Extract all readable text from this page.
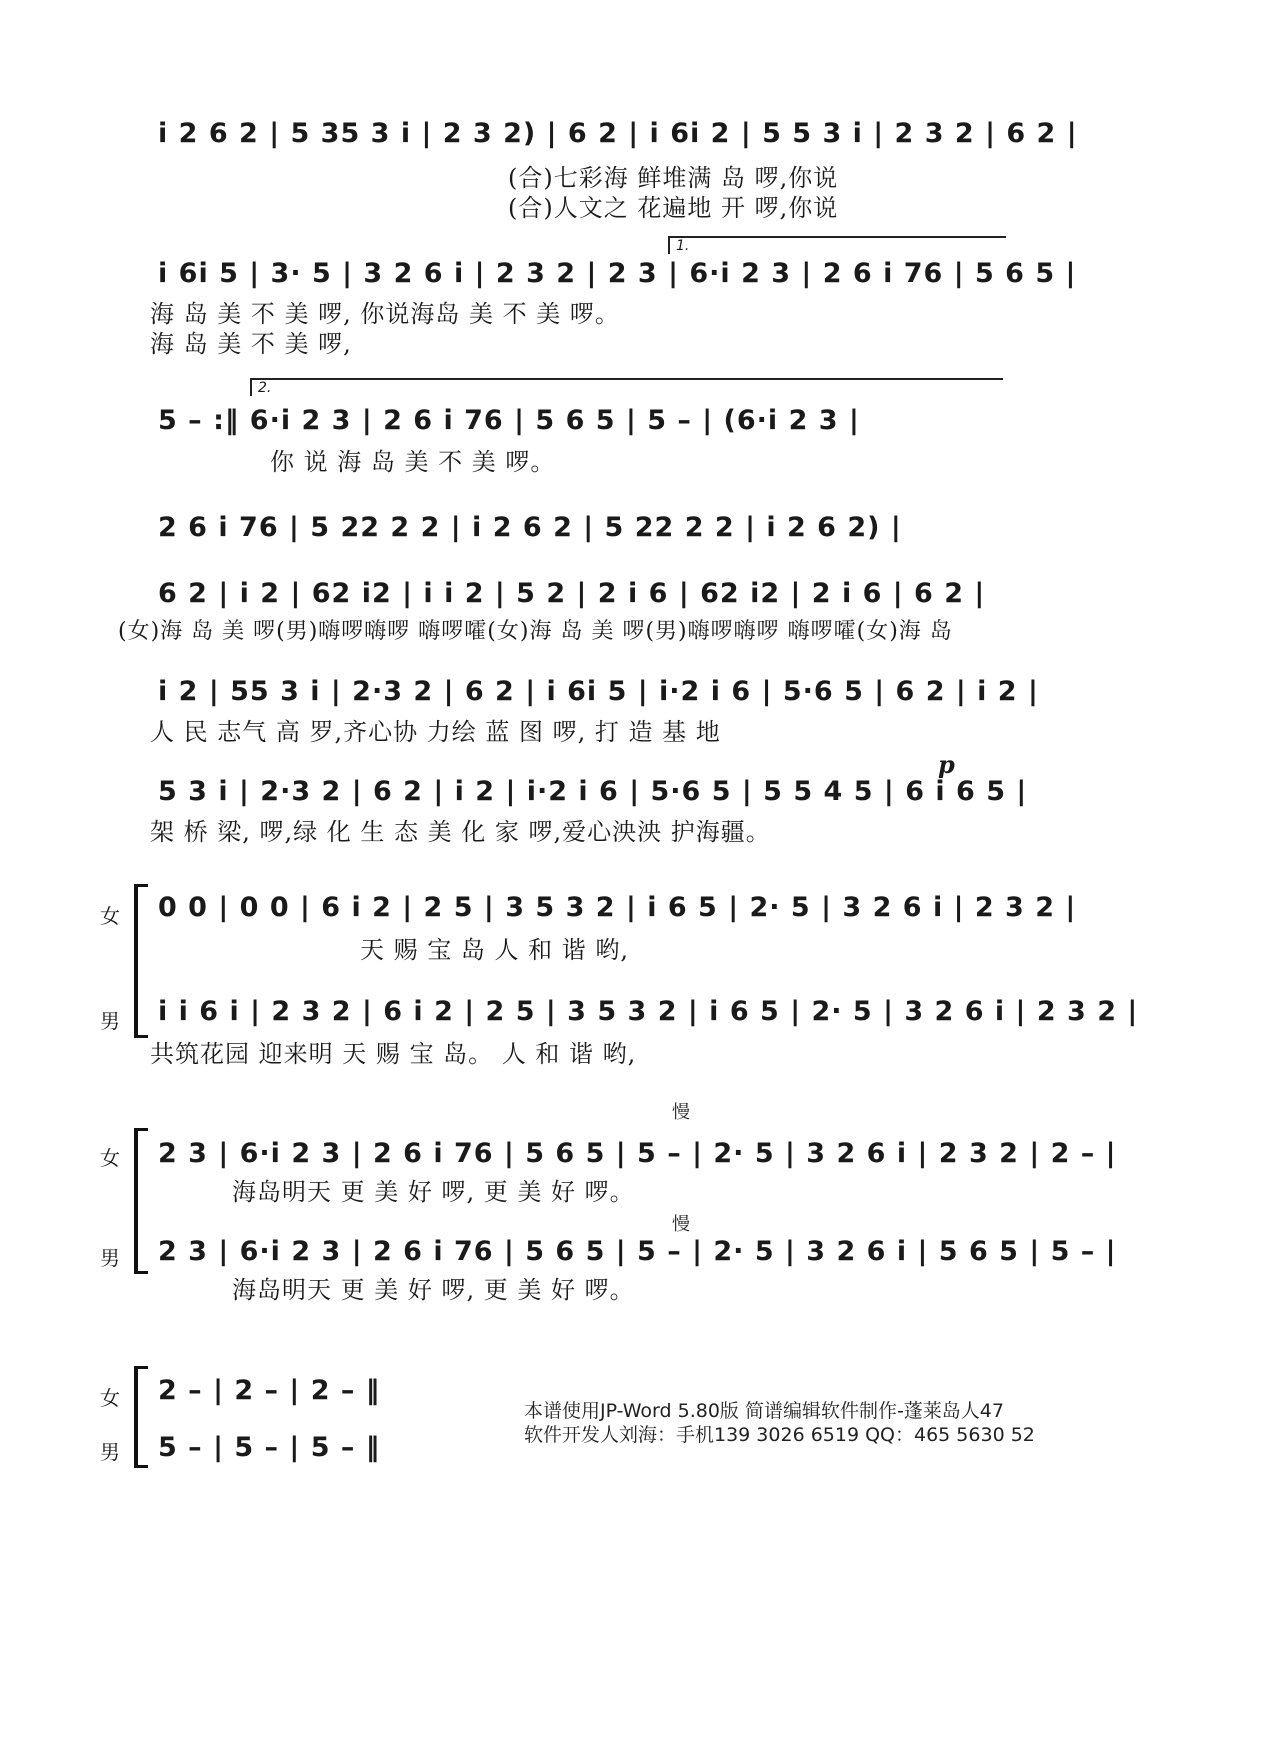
i 2 6 2 | 5 35 3 i | 2 3 2) | 6 2 | i 6i 2 | 5 5 3 i | 2 3 2 | 6 2 |
(合)七彩海 鲜堆满 岛 啰,你说
(合)人文之 花遍地 开 啰,你说
1.
i 6i 5 | 3· 5 | 3 2 6 i | 2 3 2 | 2 3 | 6·i 2 3 | 2 6 i 76 | 5 6 5 |
海 岛 美 不 美 啰, 你说海岛 美 不 美 啰。
海 岛 美 不 美 啰,
2.
5 – :‖ 6·i 2 3 | 2 6 i 76 | 5 6 5 | 5 – | (6·i 2 3 |
你 说 海 岛 美 不 美 啰。
2 6 i 76 | 5 22 2 2 | i 2 6 2 | 5 22 2 2 | i 2 6 2) |
6 2 | i 2 | 62 i2 | i i 2 | 5 2 | 2 i 6 | 62 i2 | 2 i 6 | 6 2 |
(女)海 岛 美 啰(男)嗨啰嗨啰 嗨啰嚯(女)海 岛 美 啰(男)嗨啰嗨啰 嗨啰嚯(女)海 岛
i 2 | 55 3 i | 2·3 2 | 6 2 | i 6i 5 | i·2 i 6 | 5·6 5 | 6 2 | i 2 |
人 民 志气 高 罗,齐心协 力绘 蓝 图 啰, 打 造 基 地
p
5 3 i | 2·3 2 | 6 2 | i 2 | i·2 i 6 | 5·6 5 | 5 5 4 5 | 6 i 6 5 |
架 桥 梁, 啰,绿 化 生 态 美 化 家 啰,爱心泱泱 护海疆。
女
男
0 0 | 0 0 | 6 i 2 | 2 5 | 3 5 3 2 | i 6 5 | 2· 5 | 3 2 6 i | 2 3 2 |
天 赐 宝 岛 人 和 谐 哟,
i i 6 i | 2 3 2 | 6 i 2 | 2 5 | 3 5 3 2 | i 6 5 | 2· 5 | 3 2 6 i | 2 3 2 |
共筑花园 迎来明 天 赐 宝 岛。 人 和 谐 哟,
慢
慢
女
男
2 3 | 6·i 2 3 | 2 6 i 76 | 5 6 5 | 5 – | 2· 5 | 3 2 6 i | 2 3 2 | 2 – |
海岛明天 更 美 好 啰, 更 美 好 啰。
2 3 | 6·i 2 3 | 2 6 i 76 | 5 6 5 | 5 – | 2· 5 | 3 2 6 i | 5 6 5 | 5 – |
海岛明天 更 美 好 啰, 更 美 好 啰。
女
男
2 – | 2 – | 2 – ‖
5 – | 5 – | 5 – ‖
本谱使用JP-Word 5.80版 简谱编辑软件制作-蓬莱岛人47
软件开发人刘海：手机139 3026 6519 QQ：465 5630 52
